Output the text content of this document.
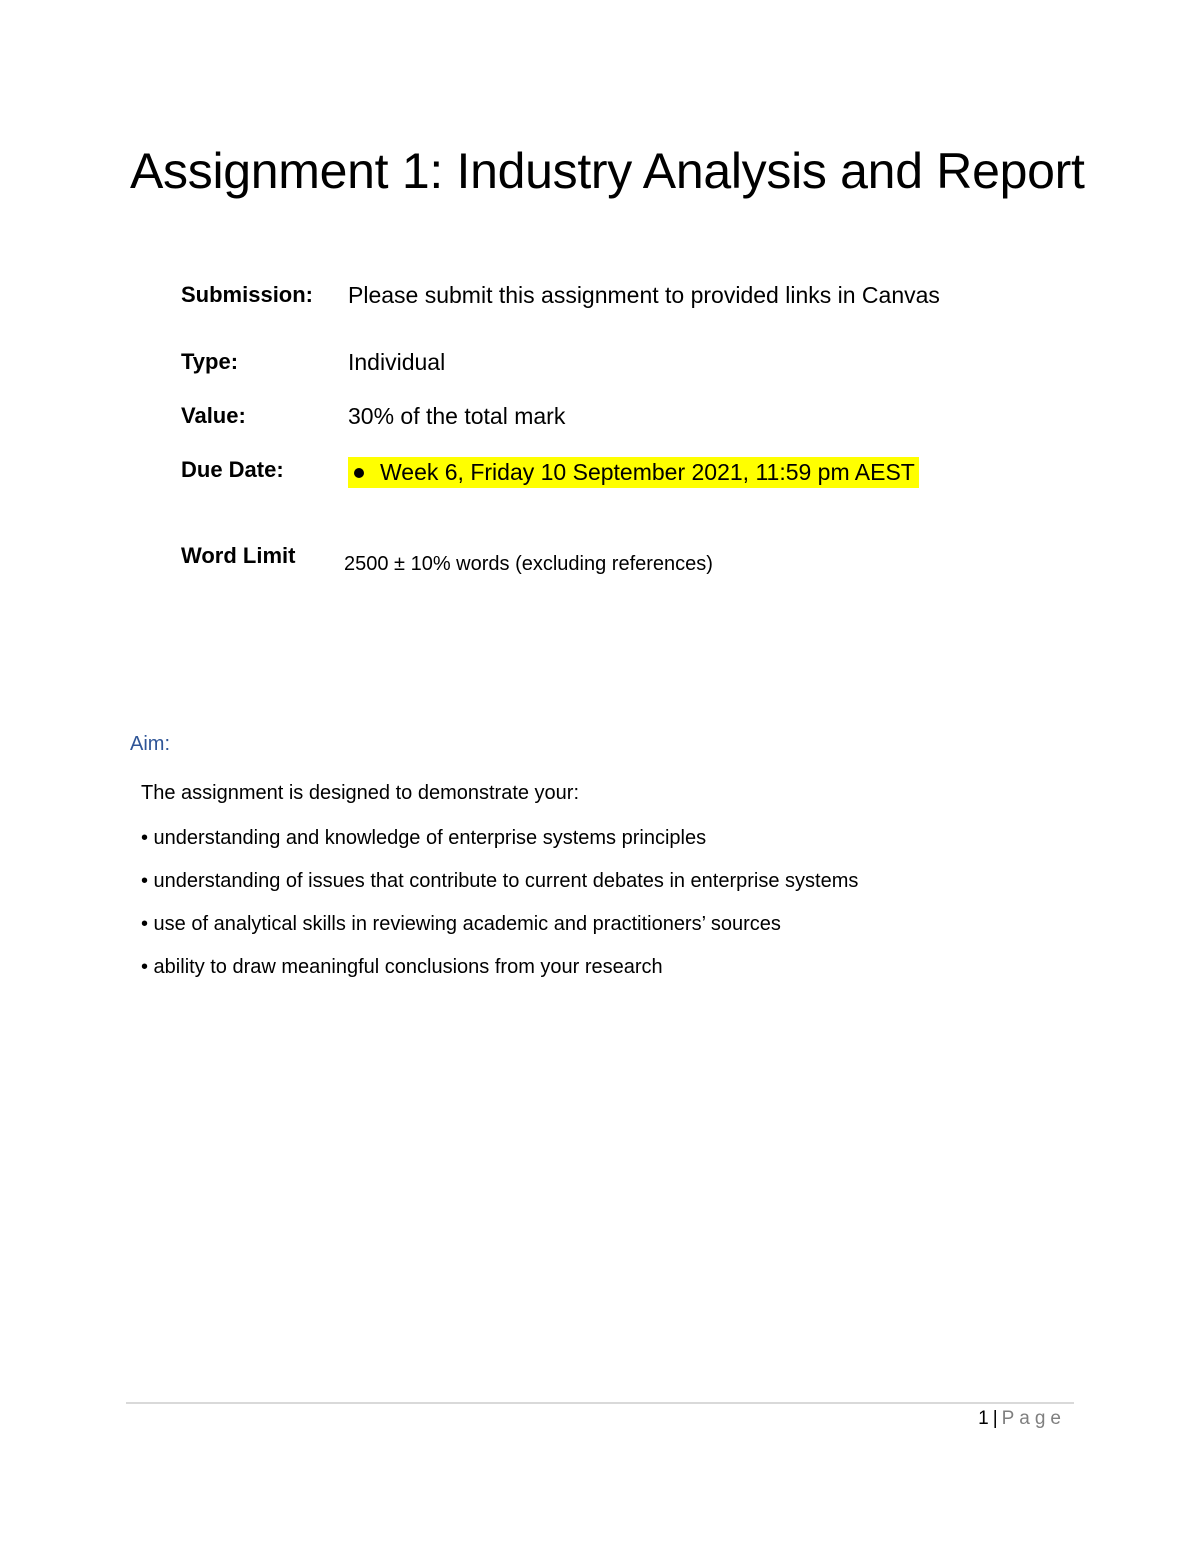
Assignment 1: Industry Analysis and Report
Submission: Please submit this assignment to provided links in Canvas
Type:	Individual
Value:	30% of the total mark
Due Date:	Week 6, Friday 10 September 2021, 11:59 pm AEST
Word Limit 2500 ± 10% words (excluding references)
Aim:
The assignment is designed to demonstrate your:
• understanding and knowledge of enterprise systems principles
• understanding of issues that contribute to current debates in enterprise systems
• use of analytical skills in reviewing academic and practitioners’ sources
• ability to draw meaningful conclusions from your research
1 | Page
